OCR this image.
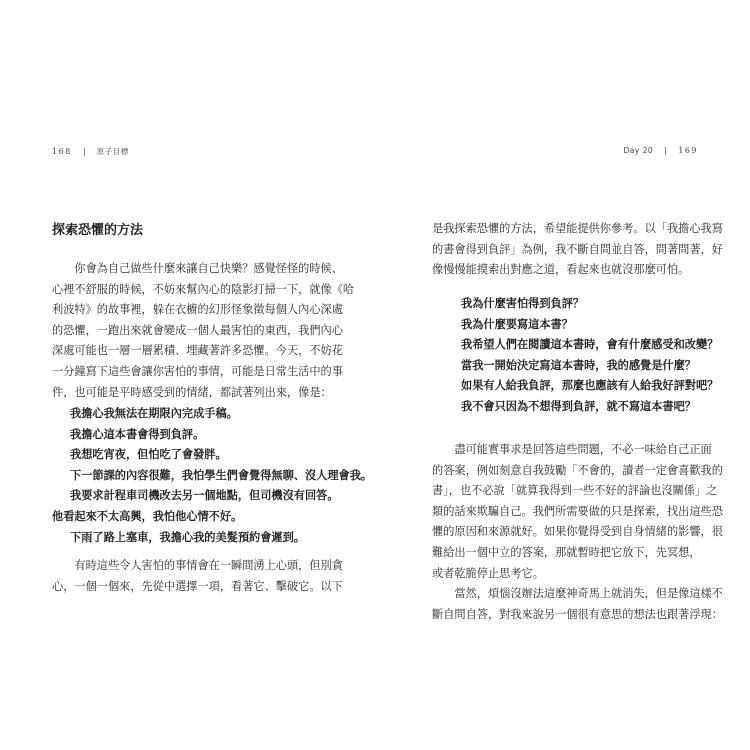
168	原子目標
探索恐懼的方法
　　你會為自己做些什麼來讓自己快樂？感覺怪怪的時候、
心裡不舒服的時候，不妨來幫內心的陰影打掃一下，就像《哈
利波特》的故事裡，躲在衣櫥的幻形怪象徵每個人內心深處
的恐懼，一跑出來就會變成一個人最害怕的東西，我們內心
深處可能也一層一層累積、埋藏著許多恐懼。今天，不妨花
一分鐘寫下這些會讓你害怕的事情，可能是日常生活中的事
件，也可能是平時感受到的情緒，都試著列出來，像是：
我擔心我無法在期限內完成手稿。
我擔心這本書會得到負評。
我想吃宵夜，但怕吃了會發胖。
下一節課的內容很難，我怕學生們會覺得無聊、沒人理會我。
我要求計程車司機改去另一個地點，但司機沒有回答。
他看起來不太高興，我怕他心情不好。
下雨了路上塞車，我擔心我的美髮預約會遲到。
　　有時這些令人害怕的事情會在一瞬間湧上心頭，但別貪
心，一個一個來，先從中選擇一項，看著它、擊破它。以下
Day 20	169
是我探索恐懼的方法，希望能提供你參考。以「我擔心我寫
的書會得到負評」為例，我不斷自問並自答，問著問著，好
像慢慢能摸索出對應之道，看起來也就沒那麼可怕。
我為什麼害怕得到負評？
我為什麼要寫這本書？
我希望人們在閱讀這本書時，會有什麼感受和改變？
當我一開始決定寫這本書時，我的感覺是什麼？
如果有人給我負評，那麼也應該有人給我好評對吧？
我不會只因為不想得到負評，就不寫這本書吧？
　　盡可能實事求是回答這些問題，不必一味給自己正面
的答案，例如刻意自我鼓勵「不會的，讀者一定會喜歡我的
書」，也不必說「就算我得到一些不好的評論也沒關係」之
類的話來欺騙自己。我們所需要做的只是探索，找出這些恐
懼的原因和來源就好。如果你覺得受到自身情緒的影響，很
難給出一個中立的答案，那就暫時把它放下，先冥想，
或者乾脆停止思考它。
　　當然，煩惱沒辦法這麼神奇馬上就消失，但是像這樣不
斷自問自答，對我來說另一個很有意思的想法也跟著浮現：
